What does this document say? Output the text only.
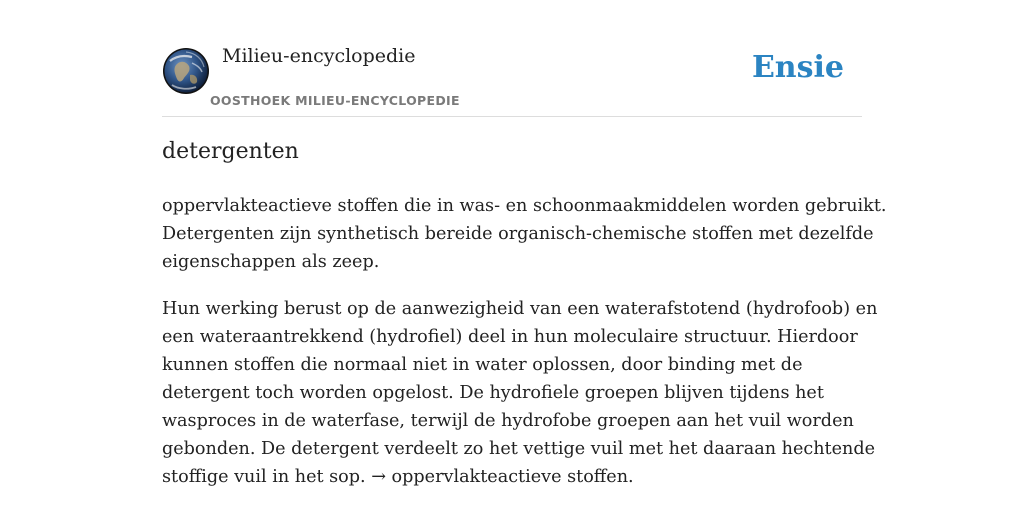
Milieu-encyclopedie
OOSTHOEK MILIEU-ENCYCLOPEDIE
Ensie
detergenten
oppervlakteactieve stoffen die in was- en schoonmaakmiddelen worden gebruikt.
Detergenten zijn synthetisch bereide organisch-chemische stoffen met dezelfde
eigenschappen als zeep.
Hun werking berust op de aanwezigheid van een waterafstotend (hydrofoob) en
een wateraantrekkend (hydrofiel) deel in hun moleculaire structuur. Hierdoor
kunnen stoffen die normaal niet in water oplossen, door binding met de
detergent toch worden opgelost. De hydrofiele groepen blijven tijdens het
wasproces in de waterfase, terwijl de hydrofobe groepen aan het vuil worden
gebonden. De detergent verdeelt zo het vettige vuil met het daaraan hechtende
stoffige vuil in het sop. → oppervlakteactieve stoffen.
